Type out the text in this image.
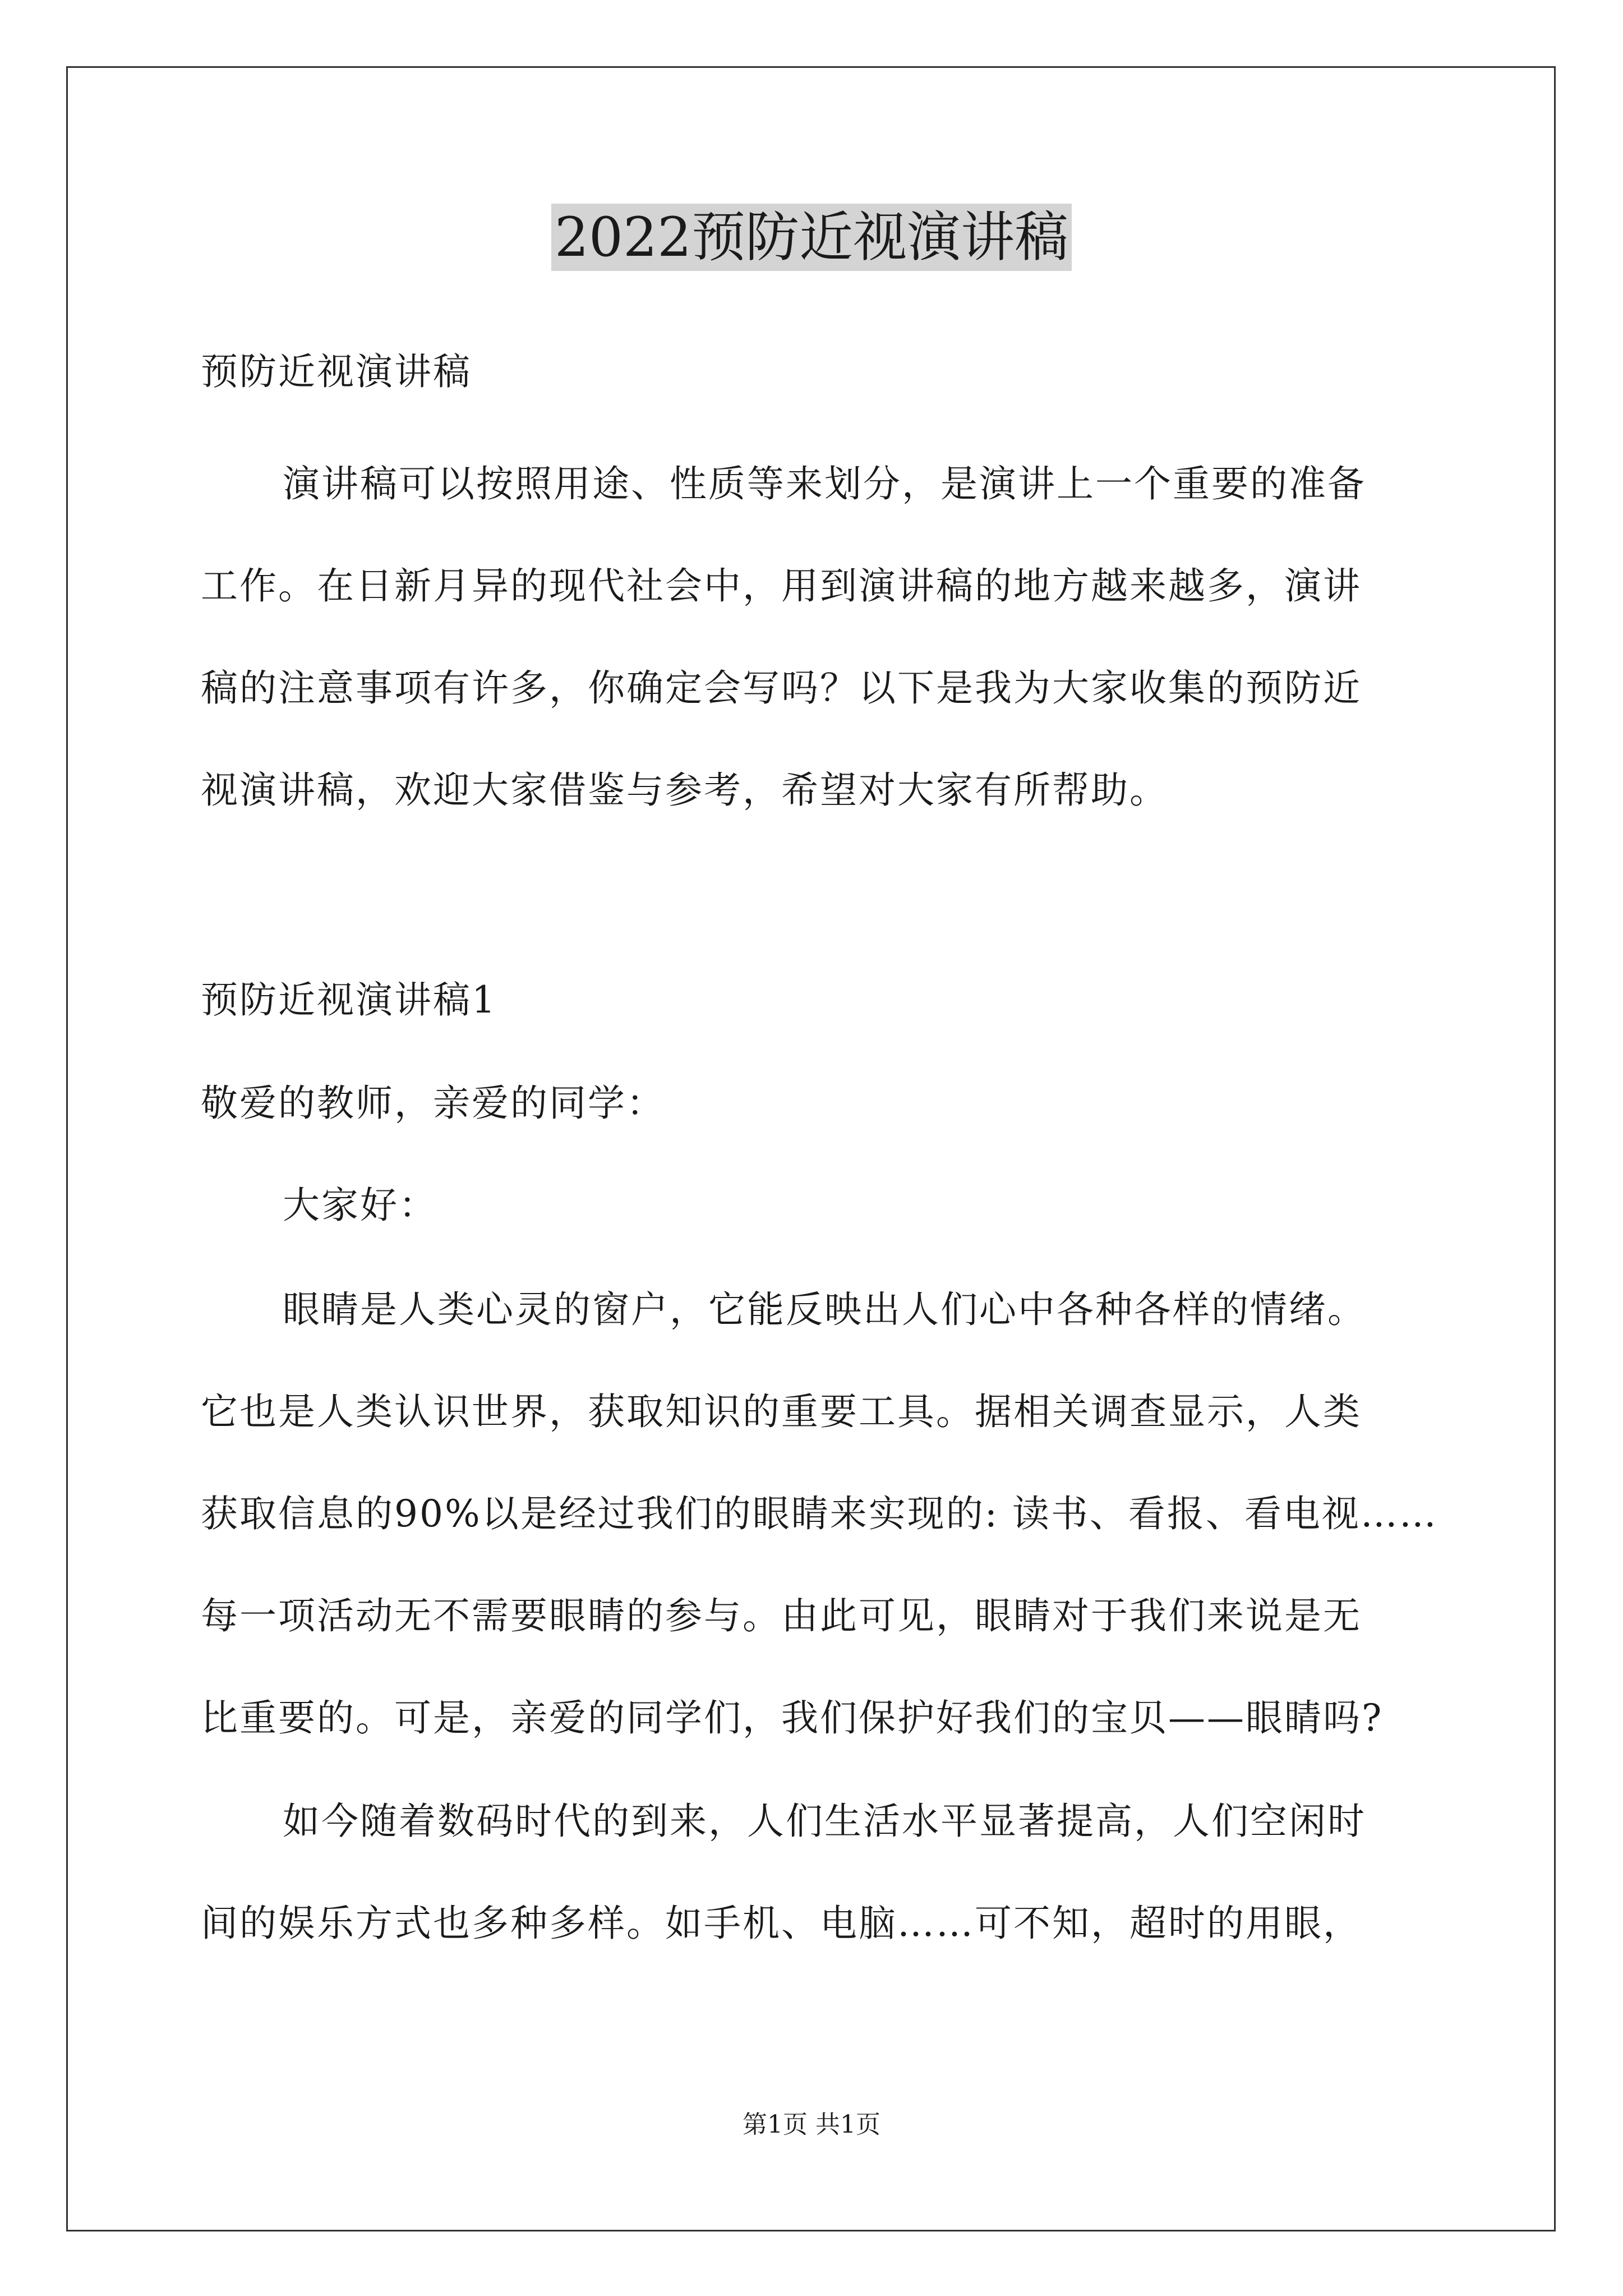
2022预防近视演讲稿

预防近视演讲稿

演讲稿可以按照用途、性质等来划分，是演讲上一个重要的准备

工作。在日新月异的现代社会中，用到演讲稿的地方越来越多，演讲

稿的注意事项有许多，你确定会写吗？以下是我为大家收集的预防近

视演讲稿，欢迎大家借鉴与参考，希望对大家有所帮助。

预防近视演讲稿1

敬爱的教师，亲爱的同学：

大家好：

眼睛是人类心灵的窗户，它能反映出人们心中各种各样的情绪。

它也是人类认识世界，获取知识的重要工具。据相关调查显示，人类

获取信息的90%以是经过我们的眼睛来实现的: 读书、看报、看电视……

每一项活动无不需要眼睛的参与。由此可见，眼睛对于我们来说是无

比重要的。可是，亲爱的同学们，我们保护好我们的宝贝——眼睛吗?

如今随着数码时代的到来，人们生活水平显著提高，人们空闲时

间的娱乐方式也多种多样。如手机、电脑……可不知，超时的用眼，

第1页 共1页
